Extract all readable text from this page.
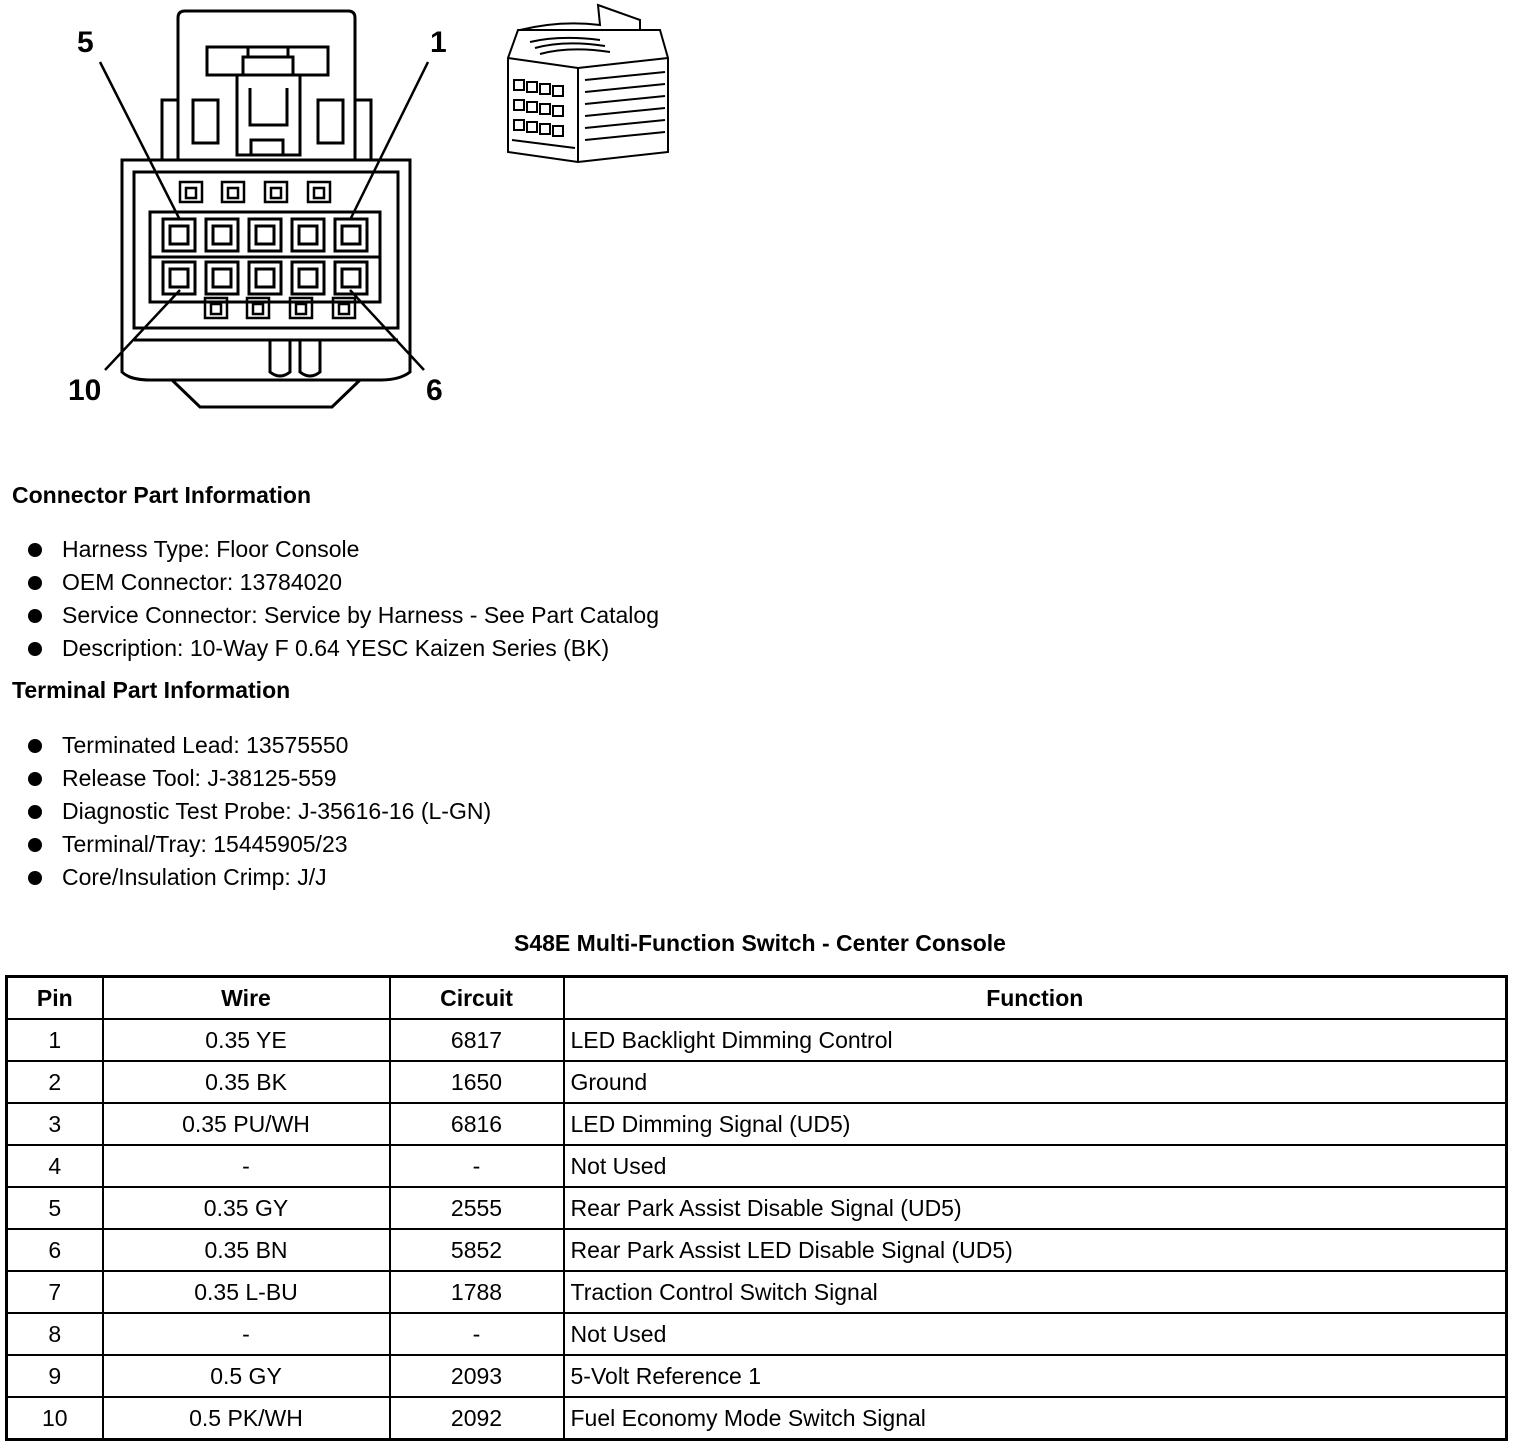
5	1
10	6
Connector Part Information
Harness Type: Floor Console
OEM Connector: 13784020
Service Connector: Service by Harness - See Part Catalog
Description: 10-Way F 0.64 YESC Kaizen Series (BK)
Terminal Part Information
Terminated Lead: 13575550
Release Tool: J-38125-559
Diagnostic Test Probe: J-35616-16 (L-GN)
Terminal/Tray: 15445905/23
Core/Insulation Crimp: J/J
S48E Multi-Function Switch - Center Console
Pin	Wire	Circuit	Function
1	0.35 YE	6817	LED Backlight Dimming Control
2	0.35 BK	1650	Ground
3	0.35 PU/WH	6816	LED Dimming Signal (UD5)
4	-	-	Not Used
5	0.35 GY	2555	Rear Park Assist Disable Signal (UD5)
6	0.35 BN	5852	Rear Park Assist LED Disable Signal (UD5)
7	0.35 L-BU	1788	Traction Control Switch Signal
8	-	-	Not Used
9	0.5 GY	2093	5-Volt Reference 1
10	0.5 PK/WH	2092	Fuel Economy Mode Switch Signal
